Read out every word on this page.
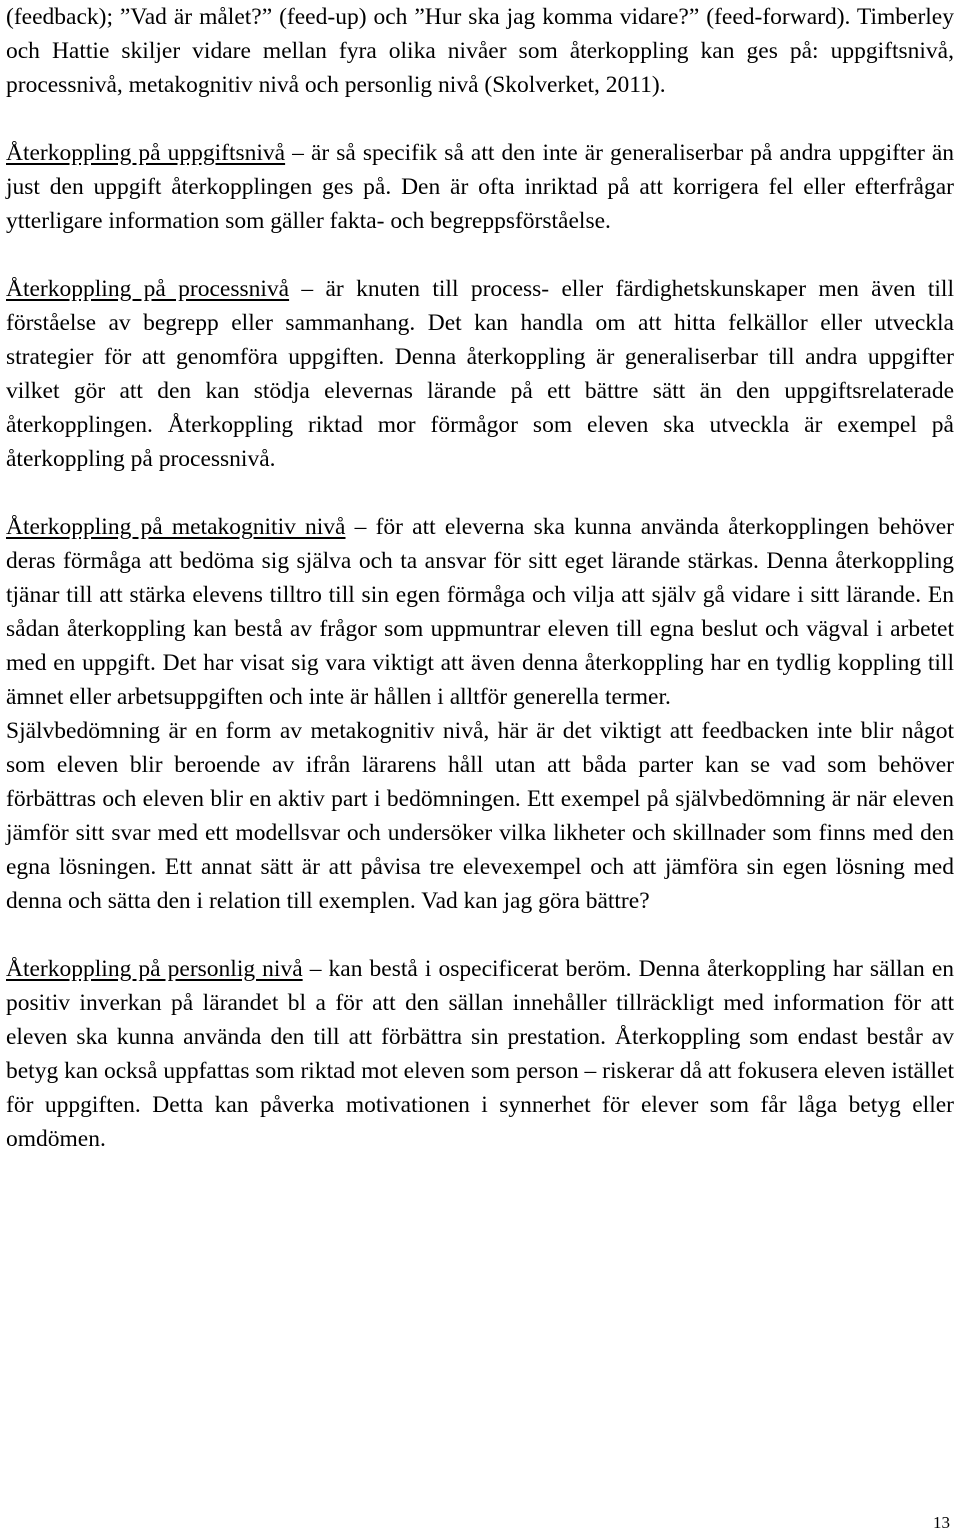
(feedback); ”Vad är målet?” (feed-up) och ”Hur ska jag komma vidare?” (feed-forward). Timberley och Hattie skiljer vidare mellan fyra olika nivåer som återkoppling kan ges på: uppgiftsnivå, processnivå, metakognitiv nivå och personlig nivå (Skolverket, 2011).

Återkoppling på uppgiftsnivå – är så specifik så att den inte är generaliserbar på andra uppgifter än just den uppgift återkopplingen ges på. Den är ofta inriktad på att korrigera fel eller efterfrågar ytterligare information som gäller fakta- och begreppsförståelse.

Återkoppling på processnivå – är knuten till process- eller färdighetskunskaper men även till förståelse av begrepp eller sammanhang. Det kan handla om att hitta felkällor eller utveckla strategier för att genomföra uppgiften. Denna återkoppling är generaliserbar till andra uppgifter vilket gör att den kan stödja elevernas lärande på ett bättre sätt än den uppgiftsrelaterade återkopplingen. Återkoppling riktad mor förmågor som eleven ska utveckla är exempel på återkoppling på processnivå.

Återkoppling på metakognitiv nivå – för att eleverna ska kunna använda återkopplingen behöver deras förmåga att bedöma sig själva och ta ansvar för sitt eget lärande stärkas. Denna återkoppling tjänar till att stärka elevens tilltro till sin egen förmåga och vilja att själv gå vidare i sitt lärande. En sådan återkoppling kan bestå av frågor som uppmuntrar eleven till egna beslut och vägval i arbetet med en uppgift. Det har visat sig vara viktigt att även denna återkoppling har en tydlig koppling till ämnet eller arbetsuppgiften och inte är hållen i alltför generella termer.

Självbedömning är en form av metakognitiv nivå, här är det viktigt att feedbacken inte blir något som eleven blir beroende av ifrån lärarens håll utan att båda parter kan se vad som behöver förbättras och eleven blir en aktiv part i bedömningen. Ett exempel på självbedömning är när eleven jämför sitt svar med ett modellsvar och undersöker vilka likheter och skillnader som finns med den egna lösningen. Ett annat sätt är att påvisa tre elevexempel och att jämföra sin egen lösning med denna och sätta den i relation till exemplen. Vad kan jag göra bättre?

Återkoppling på personlig nivå – kan bestå i ospecificerat beröm. Denna återkoppling har sällan en positiv inverkan på lärandet bl a för att den sällan innehåller tillräckligt med information för att eleven ska kunna använda den till att förbättra sin prestation. Återkoppling som endast består av betyg kan också uppfattas som riktad mot eleven som person – riskerar då att fokusera eleven istället för uppgiften. Detta kan påverka motivationen i synnerhet för elever som får låga betyg eller omdömen.

13
